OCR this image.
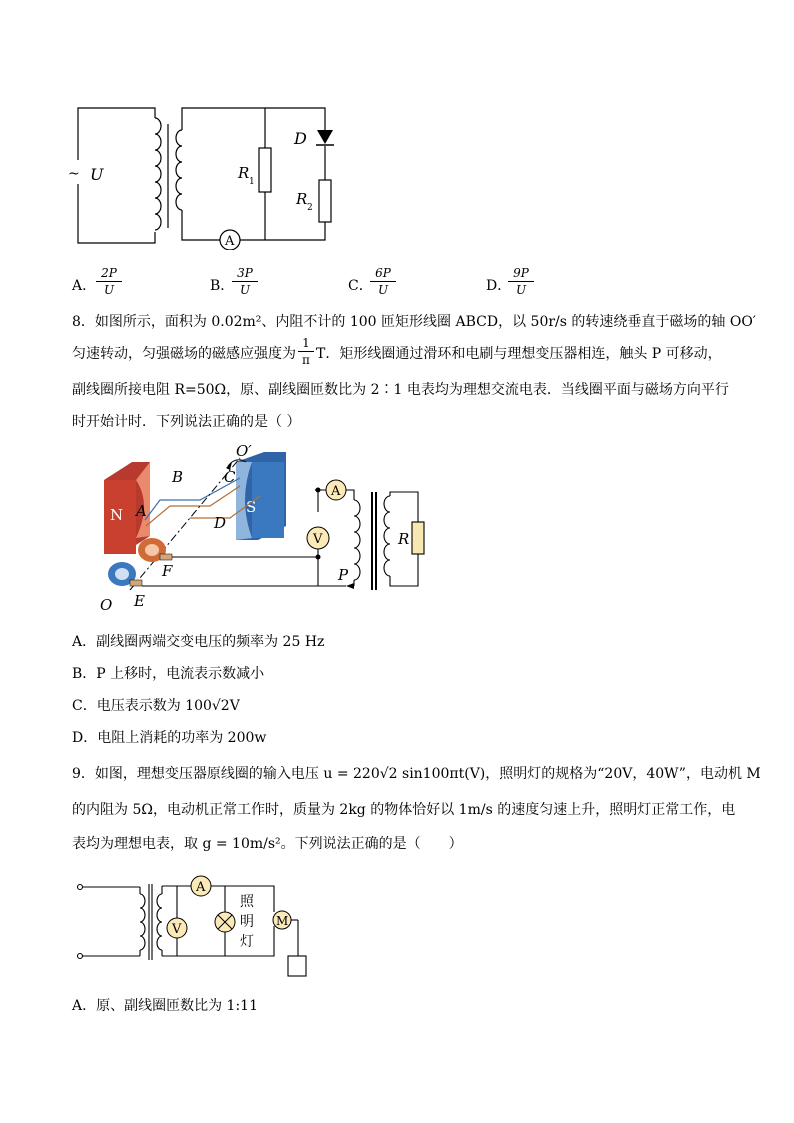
~ U
D
R 1
R 2
A
A．
2P
U	B．
3P
U	C．
6P
U	D．
9P
U
8．如图所示，面积为 0.02m²、内阻不计的 100 匝矩形线圈 ABCD，以 50r/s 的转速绕垂直于磁场的轴 OO′
匀速转动，匀强磁场的磁感应强度为
1
π T．矩形线圈通过滑环和电刷与理想变压器相连，触头 P 可移动，
副线圈所接电阻 R=50Ω，原、副线圈匝数比为 2∶1 电表均为理想交流电表．当线圈平面与磁场方向平行
时开始计时．下列说法正确的是（ ）
N	S
A
V
B	C
A
D
O′
F
E
O
P
R
A．副线圈两端交变电压的频率为 25 Hz
B．P 上移时，电流表示数减小
C．电压表示数为 100√2V
D．电阻上消耗的功率为 200w
9．如图，理想变压器原线圈的输入电压 u = 220√2 sin100πt(V)，照明灯的规格为“20V，40W”，电动机 M
的内阻为 5Ω，电动机正常工作时，质量为 2kg 的物体恰好以 1m/s 的速度匀速上升，照明灯正常工作，电
表均为理想电表，取 g = 10m/s²。下列说法正确的是（　　）
A
V
照
明
灯
M
A．原、副线圈匝数比为 1:11
